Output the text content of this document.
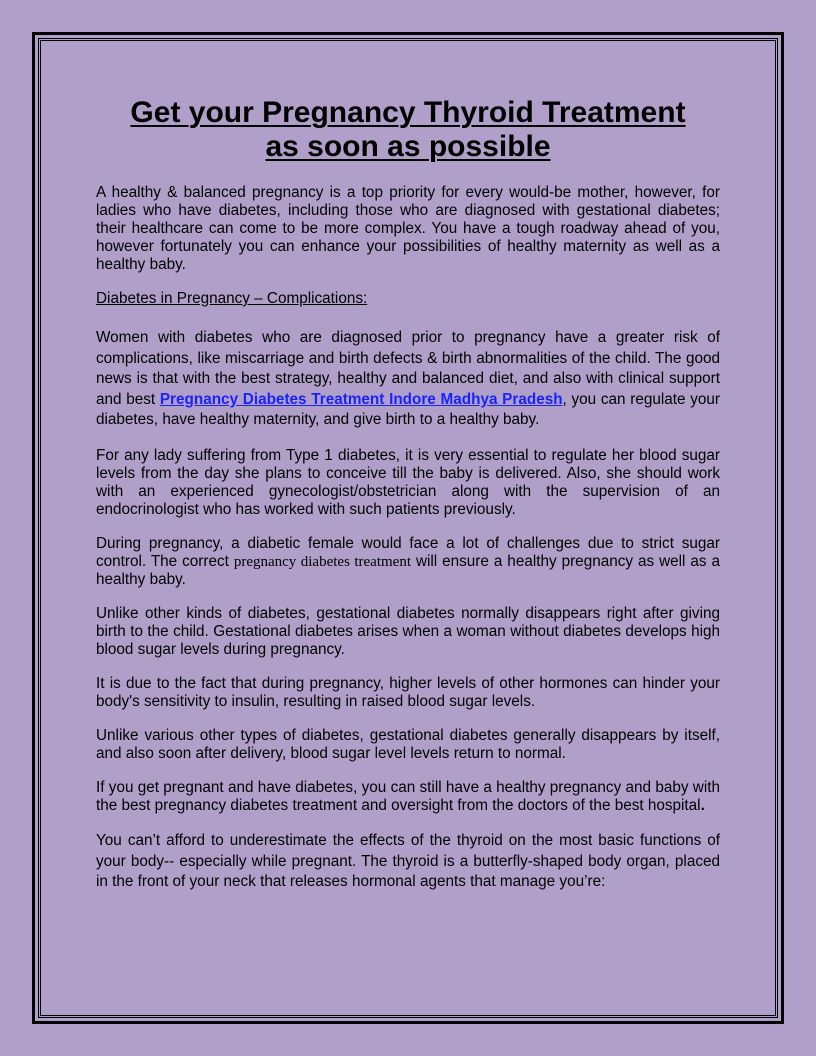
Get your Pregnancy Thyroid Treatment
as soon as possible

A healthy & balanced pregnancy is a top priority for every would-be mother, however, for ladies who have diabetes, including those who are diagnosed with gestational diabetes; their healthcare can come to be more complex. You have a tough roadway ahead of you, however fortunately you can enhance your possibilities of healthy maternity as well as a healthy baby.

Diabetes in Pregnancy – Complications:

Women with diabetes who are diagnosed prior to pregnancy have a greater risk of complications, like miscarriage and birth defects & birth abnormalities of the child. The good news is that with the best strategy, healthy and balanced diet, and also with clinical support and best Pregnancy Diabetes Treatment Indore Madhya Pradesh, you can regulate your diabetes, have healthy maternity, and give birth to a healthy baby.

For any lady suffering from Type 1 diabetes, it is very essential to regulate her blood sugar levels from the day she plans to conceive till the baby is delivered. Also, she should work with an experienced gynecologist/obstetrician along with the supervision of an endocrinologist who has worked with such patients previously.

During pregnancy, a diabetic female would face a lot of challenges due to strict sugar control. The correct pregnancy diabetes treatment will ensure a healthy pregnancy as well as a healthy baby.

Unlike other kinds of diabetes, gestational diabetes normally disappears right after giving birth to the child. Gestational diabetes arises when a woman without diabetes develops high blood sugar levels during pregnancy.

It is due to the fact that during pregnancy, higher levels of other hormones can hinder your body's sensitivity to insulin, resulting in raised blood sugar levels.

Unlike various other types of diabetes, gestational diabetes generally disappears by itself, and also soon after delivery, blood sugar level levels return to normal.

If you get pregnant and have diabetes, you can still have a healthy pregnancy and baby with the best pregnancy diabetes treatment and oversight from the doctors of the best hospital.

You can’t afford to underestimate the effects of the thyroid on the most basic functions of your body-- especially while pregnant. The thyroid is a butterfly-shaped body organ, placed in the front of your neck that releases hormonal agents that manage you’re:
